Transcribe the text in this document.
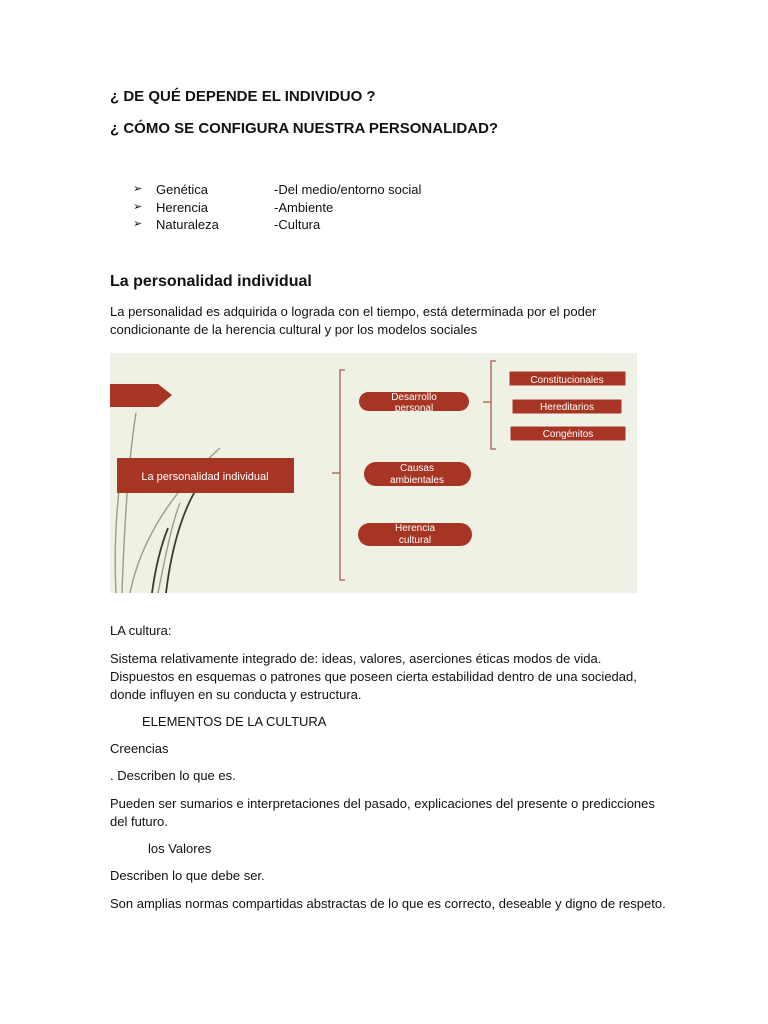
¿ DE QUÉ DEPENDE EL INDIVIDUO ?
¿ CÓMO SE CONFIGURA NUESTRA PERSONALIDAD?
➢ Genética	-Del medio/entorno social
➢ Herencia	-Ambiente
➢ Naturaleza	-Cultura
La personalidad individual
La personalidad es adquirida o lograda con el tiempo, está determinada por el poder
condicionante de la herencia cultural y por los modelos sociales
La personalidad individual
Desarrollo
personal
Causas
ambientales
Herencia
cultural
Constitucionales
Hereditarios
Congénitos
LA cultura:
Sistema relativamente integrado de: ideas, valores, aserciones éticas modos de vida.
Dispuestos en esquemas o patrones que poseen cierta estabilidad dentro de una sociedad,
donde influyen en su conducta y estructura.
ELEMENTOS DE LA CULTURA
Creencias
. Describen lo que es.
Pueden ser sumarios e interpretaciones del pasado, explicaciones del presente o predicciones
del futuro.
los Valores
Describen lo que debe ser.
Son amplias normas compartidas abstractas de lo que es correcto, deseable y digno de respeto.
